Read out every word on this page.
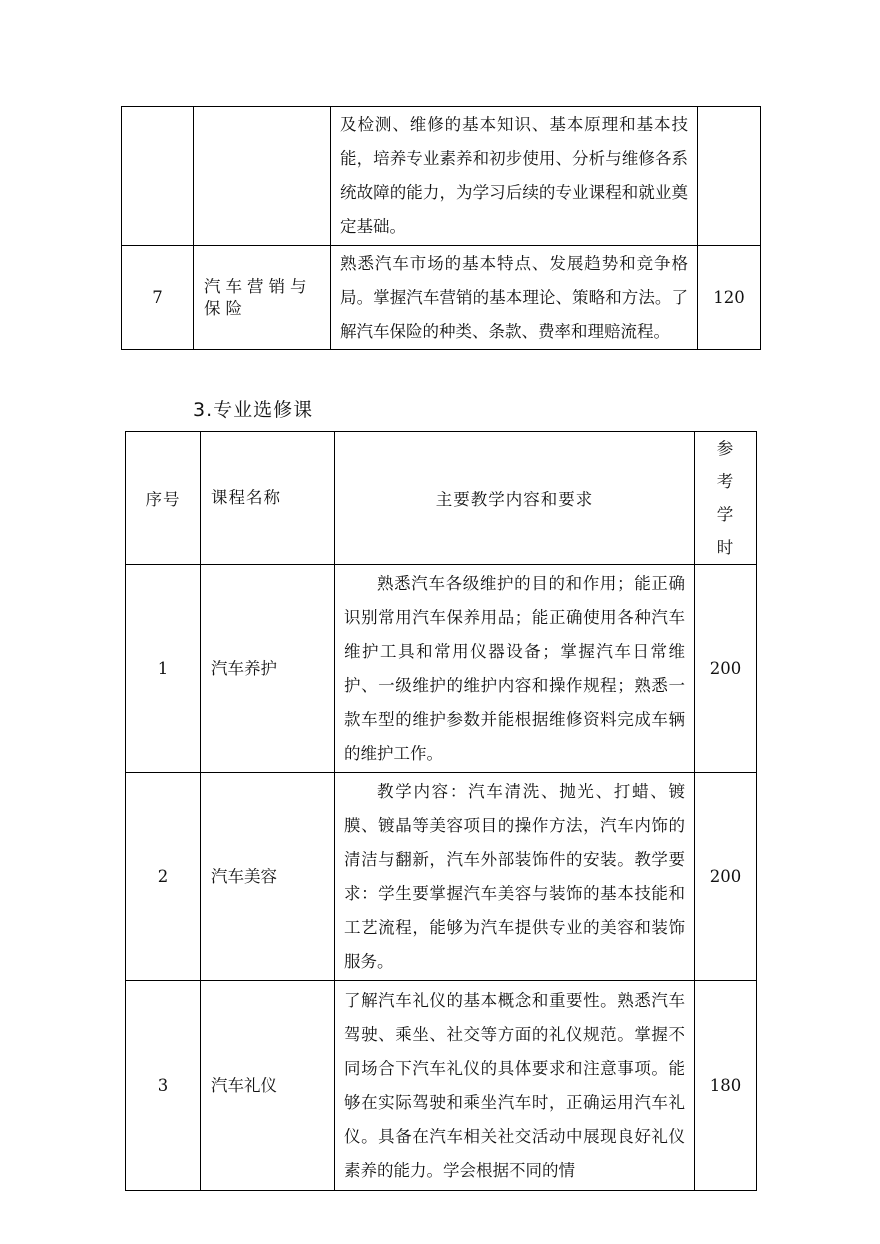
		及检测、维修的基本知识、基本原理和基本技能，培养专业素养和初步使用、分析与维修各系统故障的能力，为学习后续的专业课程和就业奠定基础。	
7	汽车营销与保险	熟悉汽车市场的基本特点、发展趋势和竞争格局。掌握汽车营销的基本理论、策略和方法。了解汽车保险的种类、条款、费率和理赔流程。	120
3.专业选修课
序号	课程名称	主要教学内容和要求	参考学时
1	汽车养护	熟悉汽车各级维护的目的和作用；能正确识别常用汽车保养用品；能正确使用各种汽车维护工具和常用仪器设备；掌握汽车日常维护、一级维护的维护内容和操作规程；熟悉一款车型的维护参数并能根据维修资料完成车辆的维护工作。	200
2	汽车美容	教学内容：汽车清洗、抛光、打蜡、镀膜、镀晶等美容项目的操作方法，汽车内饰的清洁与翻新，汽车外部装饰件的安装。教学要求：学生要掌握汽车美容与装饰的基本技能和工艺流程，能够为汽车提供专业的美容和装饰服务。	200
3	汽车礼仪	了解汽车礼仪的基本概念和重要性。熟悉汽车驾驶、乘坐、社交等方面的礼仪规范。掌握不同场合下汽车礼仪的具体要求和注意事项。能够在实际驾驶和乘坐汽车时，正确运用汽车礼仪。具备在汽车相关社交活动中展现良好礼仪素养的能力。学会根据不同的情	180
